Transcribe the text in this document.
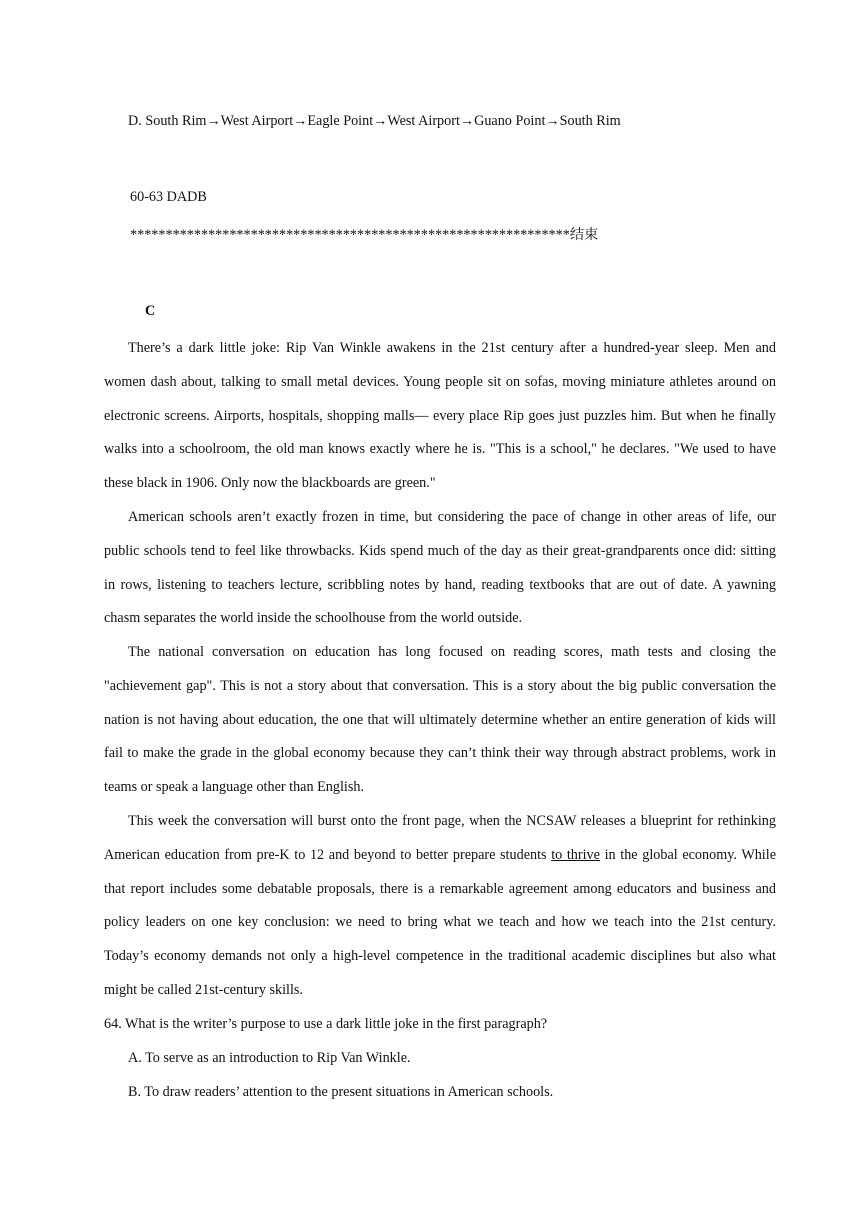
D. South Rim→West Airport→Eagle Point→West Airport→Guano Point→South Rim
60-63 DADB
**************************************************************结束
C

There’s a dark little joke: Rip Van Winkle awakens in the 21st century after a hundred-year sleep. Men and women dash about, talking to small metal devices. Young people sit on sofas, moving miniature athletes around on electronic screens. Airports, hospitals, shopping malls— every place Rip goes just puzzles him. But when he finally walks into a schoolroom, the old man knows exactly where he is. "This is a school," he declares. "We used to have these black in 1906. Only now the blackboards are green."

American schools aren’t exactly frozen in time, but considering the pace of change in other areas of life, our public schools tend to feel like throwbacks. Kids spend much of the day as their great-grandparents once did: sitting in rows, listening to teachers lecture, scribbling notes by hand, reading textbooks that are out of date. A yawning chasm separates the world inside the schoolhouse from the world outside.

The national conversation on education has long focused on reading scores, math tests and closing the "achievement gap". This is not a story about that conversation. This is a story about the big public conversation the nation is not having about education, the one that will ultimately determine whether an entire generation of kids will fail to make the grade in the global economy because they can’t think their way through abstract problems, work in teams or speak a language other than English.

This week the conversation will burst onto the front page, when the NCSAW releases a blueprint for rethinking American education from pre-K to 12 and beyond to better prepare students to thrive in the global economy. While that report includes some debatable proposals, there is a remarkable agreement among educators and business and policy leaders on one key conclusion: we need to bring what we teach and how we teach into the 21st century. Today’s economy demands not only a high-level competence in the traditional academic disciplines but also what might be called 21st-century skills.

64. What is the writer’s purpose to use a dark little joke in the first paragraph?
A. To serve as an introduction to Rip Van Winkle.
B. To draw readers’ attention to the present situations in American schools.
